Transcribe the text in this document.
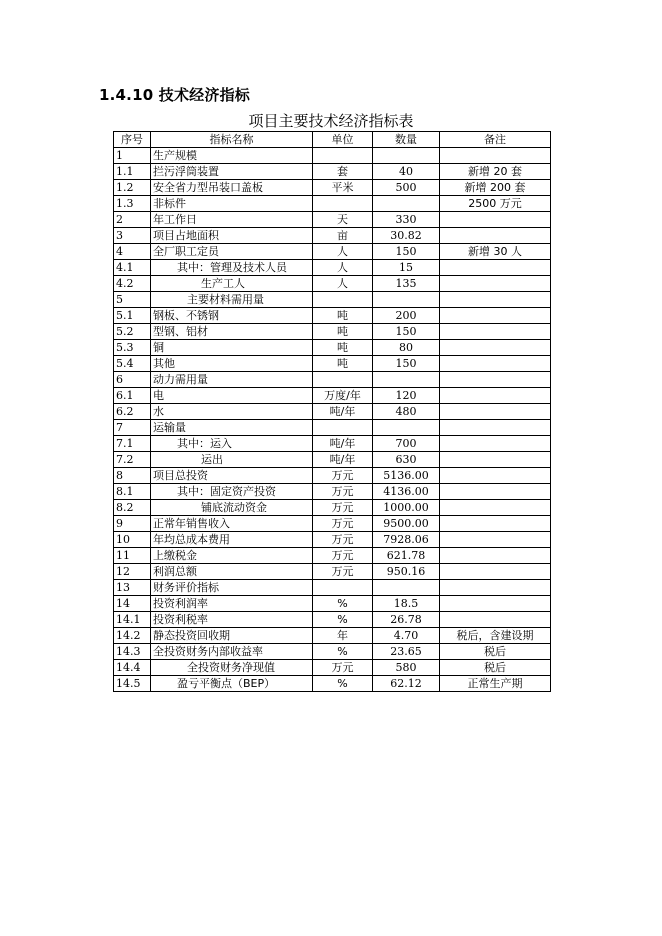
1.4.10 技术经济指标
项目主要技术经济指标表
序号	指标名称	单位	数量	备注
1	生产规模			
1.1	拦污浮筒装置	套	40	新增 20 套
1.2	安全省力型吊装口盖板	平米	500	新增 200 套
1.3	非标件			2500 万元
2	年工作日	天	330	
3	项目占地面积	亩	30.82	
4	全厂职工定员	人	150	新增 30 人
4.1	其中：管理及技术人员	人	15	
4.2	生产工人	人	135	
5	主要材料需用量			
5.1	钢板、不锈钢	吨	200	
5.2	型钢、铝材	吨	150	
5.3	铜	吨	80	
5.4	其他	吨	150	
6	动力需用量			
6.1	电	万度/年	120	
6.2	水	吨/年	480	
7	运输量			
7.1	其中：运入	吨/年	700	
7.2	运出	吨/年	630	
8	项目总投资	万元	5136.00	
8.1	其中：固定资产投资	万元	4136.00	
8.2	铺底流动资金	万元	1000.00	
9	正常年销售收入	万元	9500.00	
10	年均总成本费用	万元	7928.06	
11	上缴税金	万元	621.78	
12	利润总额	万元	950.16	
13	财务评价指标			
14	投资利润率	%	18.5	
14.1	投资利税率	%	26.78	
14.2	静态投资回收期	年	4.70	税后，含建设期
14.3	全投资财务内部收益率	%	23.65	税后
14.4	全投资财务净现值	万元	580	税后
14.5	盈亏平衡点（BEP）	%	62.12	正常生产期
